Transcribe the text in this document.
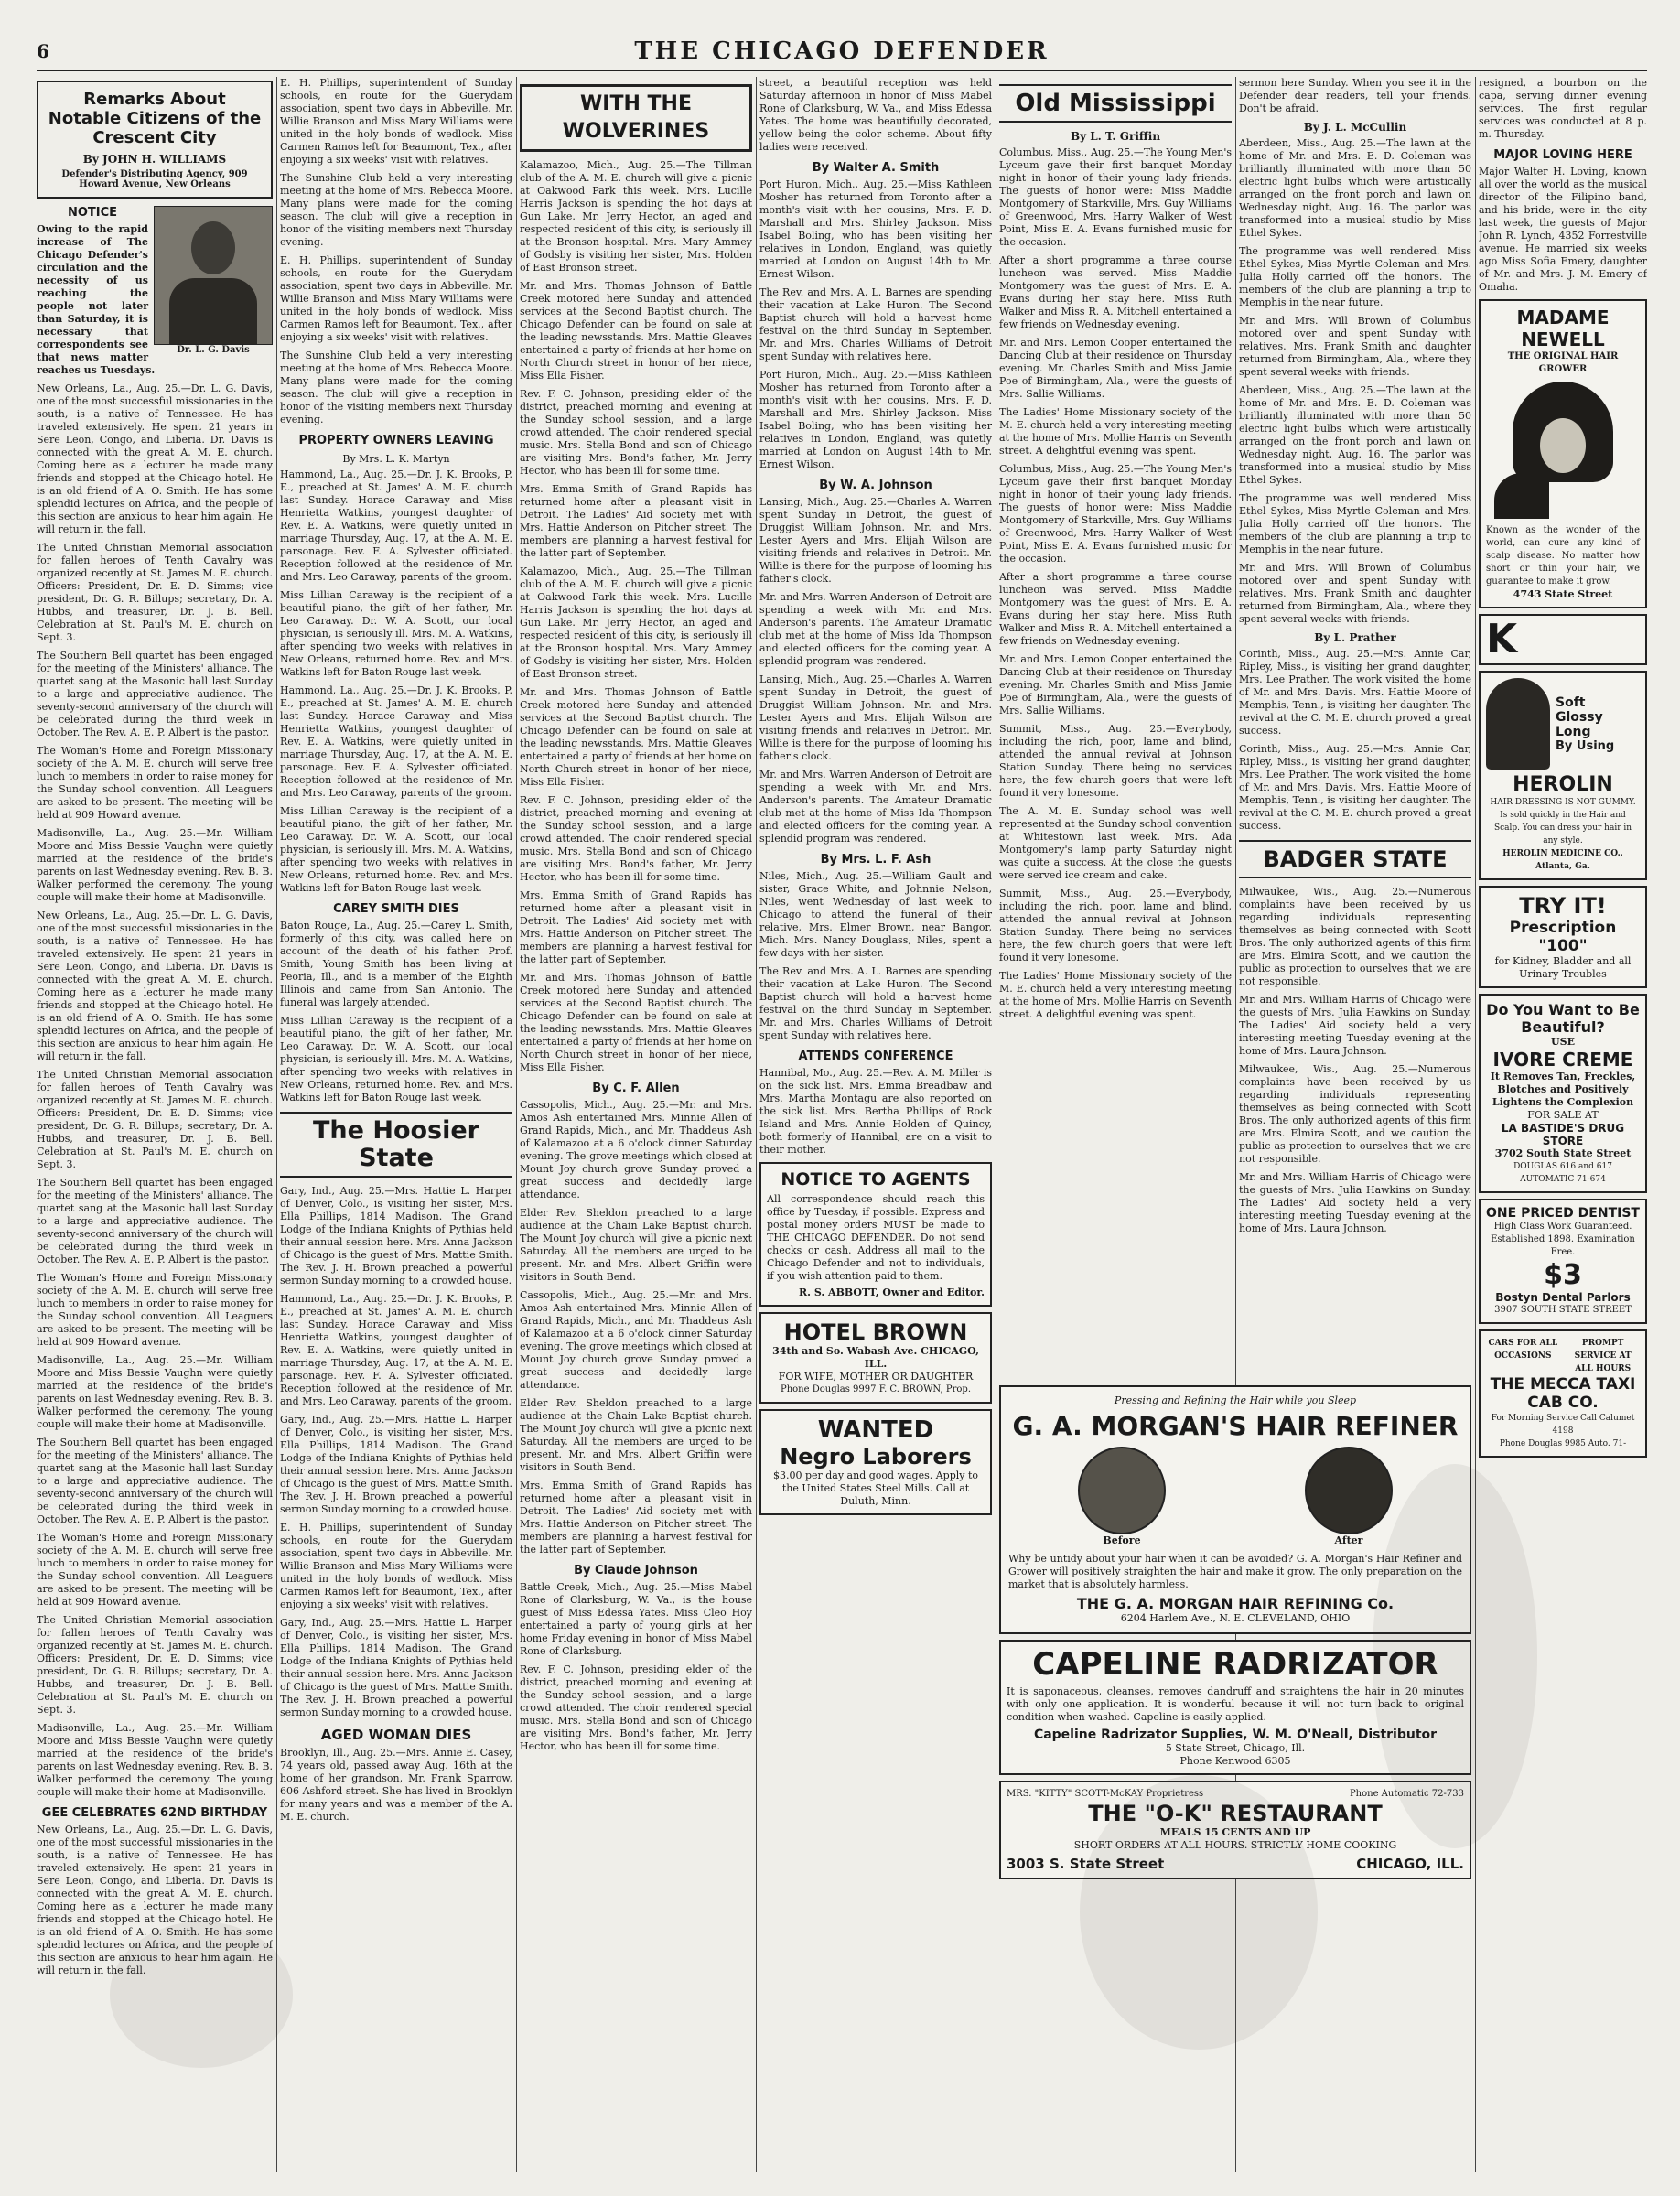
6	THE CHICAGO DEFENDER
Remarks About Notable Citizens of the Crescent City
By JOHN H. WILLIAMS
Defender's Distributing Agency, 909 Howard Avenue, New Orleans
Dr. L. G. Davis
NOTICE

Owing to the rapid increase of The Chicago Defender's circulation and the necessity of us reaching the people not later than Saturday, it is necessary that correspondents see that news matter reaches us Tuesdays.

New Orleans, La., Aug. 25.—Dr. L. G. Davis, one of the most successful missionaries in the south, is a native of Tennessee. He has traveled extensively. He spent 21 years in Sere Leon, Congo, and Liberia. Dr. Davis is connected with the great A. M. E. church. Coming here as a lecturer he made many friends and stopped at the Chicago hotel. He is an old friend of A. O. Smith. He has some splendid lectures on Africa, and the people of this section are anxious to hear him again. He will return in the fall.

The United Christian Memorial association for fallen heroes of Tenth Cavalry was organized recently at St. James M. E. church. Officers: President, Dr. E. D. Simms; vice president, Dr. G. R. Billups; secretary, Dr. A. Hubbs, and treasurer, Dr. J. B. Bell. Celebration at St. Paul's M. E. church on Sept. 3.

The Southern Bell quartet has been engaged for the meeting of the Ministers' alliance. The quartet sang at the Masonic hall last Sunday to a large and appreciative audience. The seventy-second anniversary of the church will be celebrated during the third week in October. The Rev. A. E. P. Albert is the pastor.

The Woman's Home and Foreign Missionary society of the A. M. E. church will serve free lunch to members in order to raise money for the Sunday school convention. All Leaguers are asked to be present. The meeting will be held at 909 Howard avenue.

Madisonville, La., Aug. 25.—Mr. William Moore and Miss Bessie Vaughn were quietly married at the residence of the bride's parents on last Wednesday evening. Rev. B. B. Walker performed the ceremony. The young couple will make their home at Madisonville.

New Orleans, La., Aug. 25.—Dr. L. G. Davis, one of the most successful missionaries in the south, is a native of Tennessee. He has traveled extensively. He spent 21 years in Sere Leon, Congo, and Liberia. Dr. Davis is connected with the great A. M. E. church. Coming here as a lecturer he made many friends and stopped at the Chicago hotel. He is an old friend of A. O. Smith. He has some splendid lectures on Africa, and the people of this section are anxious to hear him again. He will return in the fall.

The United Christian Memorial association for fallen heroes of Tenth Cavalry was organized recently at St. James M. E. church. Officers: President, Dr. E. D. Simms; vice president, Dr. G. R. Billups; secretary, Dr. A. Hubbs, and treasurer, Dr. J. B. Bell. Celebration at St. Paul's M. E. church on Sept. 3.

The Southern Bell quartet has been engaged for the meeting of the Ministers' alliance. The quartet sang at the Masonic hall last Sunday to a large and appreciative audience. The seventy-second anniversary of the church will be celebrated during the third week in October. The Rev. A. E. P. Albert is the pastor.

The Woman's Home and Foreign Missionary society of the A. M. E. church will serve free lunch to members in order to raise money for the Sunday school convention. All Leaguers are asked to be present. The meeting will be held at 909 Howard avenue.

Madisonville, La., Aug. 25.—Mr. William Moore and Miss Bessie Vaughn were quietly married at the residence of the bride's parents on last Wednesday evening. Rev. B. B. Walker performed the ceremony. The young couple will make their home at Madisonville.

The Southern Bell quartet has been engaged for the meeting of the Ministers' alliance. The quartet sang at the Masonic hall last Sunday to a large and appreciative audience. The seventy-second anniversary of the church will be celebrated during the third week in October. The Rev. A. E. P. Albert is the pastor.

The Woman's Home and Foreign Missionary society of the A. M. E. church will serve free lunch to members in order to raise money for the Sunday school convention. All Leaguers are asked to be present. The meeting will be held at 909 Howard avenue.

The United Christian Memorial association for fallen heroes of Tenth Cavalry was organized recently at St. James M. E. church. Officers: President, Dr. E. D. Simms; vice president, Dr. G. R. Billups; secretary, Dr. A. Hubbs, and treasurer, Dr. J. B. Bell. Celebration at St. Paul's M. E. church on Sept. 3.

Madisonville, La., Aug. 25.—Mr. William Moore and Miss Bessie Vaughn were quietly married at the residence of the bride's parents on last Wednesday evening. Rev. B. B. Walker performed the ceremony. The young couple will make their home at Madisonville.

GEE CELEBRATES 62ND BIRTHDAY

New Orleans, La., Aug. 25.—Dr. L. G. Davis, one of the most successful missionaries in the south, is a native of Tennessee. He has traveled extensively. He spent 21 years in Sere Leon, Congo, and Liberia. Dr. Davis is connected with the great A. M. E. church. Coming here as a lecturer he made many friends and stopped at the Chicago hotel. He is an old friend of A. O. Smith. He has some splendid lectures on Africa, and the people of this section are anxious to hear him again. He will return in the fall.

E. H. Phillips, superintendent of Sunday schools, en route for the Guerydam association, spent two days in Abbeville. Mr. Willie Branson and Miss Mary Williams were united in the holy bonds of wedlock. Miss Carmen Ramos left for Beaumont, Tex., after enjoying a six weeks' visit with relatives.

The Sunshine Club held a very interesting meeting at the home of Mrs. Rebecca Moore. Many plans were made for the coming season. The club will give a reception in honor of the visiting members next Thursday evening.

E. H. Phillips, superintendent of Sunday schools, en route for the Guerydam association, spent two days in Abbeville. Mr. Willie Branson and Miss Mary Williams were united in the holy bonds of wedlock. Miss Carmen Ramos left for Beaumont, Tex., after enjoying a six weeks' visit with relatives.

The Sunshine Club held a very interesting meeting at the home of Mrs. Rebecca Moore. Many plans were made for the coming season. The club will give a reception in honor of the visiting members next Thursday evening.

PROPERTY OWNERS LEAVING
By Mrs. L. K. Martyn

Hammond, La., Aug. 25.—Dr. J. K. Brooks, P. E., preached at St. James' A. M. E. church last Sunday. Horace Caraway and Miss Henrietta Watkins, youngest daughter of Rev. E. A. Watkins, were quietly united in marriage Thursday, Aug. 17, at the A. M. E. parsonage. Rev. F. A. Sylvester officiated. Reception followed at the residence of Mr. and Mrs. Leo Caraway, parents of the groom.

Miss Lillian Caraway is the recipient of a beautiful piano, the gift of her father, Mr. Leo Caraway. Dr. W. A. Scott, our local physician, is seriously ill. Mrs. M. A. Watkins, after spending two weeks with relatives in New Orleans, returned home. Rev. and Mrs. Watkins left for Baton Rouge last week.

Hammond, La., Aug. 25.—Dr. J. K. Brooks, P. E., preached at St. James' A. M. E. church last Sunday. Horace Caraway and Miss Henrietta Watkins, youngest daughter of Rev. E. A. Watkins, were quietly united in marriage Thursday, Aug. 17, at the A. M. E. parsonage. Rev. F. A. Sylvester officiated. Reception followed at the residence of Mr. and Mrs. Leo Caraway, parents of the groom.

Miss Lillian Caraway is the recipient of a beautiful piano, the gift of her father, Mr. Leo Caraway. Dr. W. A. Scott, our local physician, is seriously ill. Mrs. M. A. Watkins, after spending two weeks with relatives in New Orleans, returned home. Rev. and Mrs. Watkins left for Baton Rouge last week.

CAREY SMITH DIES

Baton Rouge, La., Aug. 25.—Carey L. Smith, formerly of this city, was called here on account of the death of his father. Prof. Smith, Young Smith has been living at Peoria, Ill., and is a member of the Eighth Illinois and came from San Antonio. The funeral was largely attended.

Miss Lillian Caraway is the recipient of a beautiful piano, the gift of her father, Mr. Leo Caraway. Dr. W. A. Scott, our local physician, is seriously ill. Mrs. M. A. Watkins, after spending two weeks with relatives in New Orleans, returned home. Rev. and Mrs. Watkins left for Baton Rouge last week.

The Hoosier State

Gary, Ind., Aug. 25.—Mrs. Hattie L. Harper of Denver, Colo., is visiting her sister, Mrs. Ella Phillips, 1814 Madison. The Grand Lodge of the Indiana Knights of Pythias held their annual session here. Mrs. Anna Jackson of Chicago is the guest of Mrs. Mattie Smith. The Rev. J. H. Brown preached a powerful sermon Sunday morning to a crowded house.

Hammond, La., Aug. 25.—Dr. J. K. Brooks, P. E., preached at St. James' A. M. E. church last Sunday. Horace Caraway and Miss Henrietta Watkins, youngest daughter of Rev. E. A. Watkins, were quietly united in marriage Thursday, Aug. 17, at the A. M. E. parsonage. Rev. F. A. Sylvester officiated. Reception followed at the residence of Mr. and Mrs. Leo Caraway, parents of the groom.

Gary, Ind., Aug. 25.—Mrs. Hattie L. Harper of Denver, Colo., is visiting her sister, Mrs. Ella Phillips, 1814 Madison. The Grand Lodge of the Indiana Knights of Pythias held their annual session here. Mrs. Anna Jackson of Chicago is the guest of Mrs. Mattie Smith. The Rev. J. H. Brown preached a powerful sermon Sunday morning to a crowded house.

E. H. Phillips, superintendent of Sunday schools, en route for the Guerydam association, spent two days in Abbeville. Mr. Willie Branson and Miss Mary Williams were united in the holy bonds of wedlock. Miss Carmen Ramos left for Beaumont, Tex., after enjoying a six weeks' visit with relatives.

Gary, Ind., Aug. 25.—Mrs. Hattie L. Harper of Denver, Colo., is visiting her sister, Mrs. Ella Phillips, 1814 Madison. The Grand Lodge of the Indiana Knights of Pythias held their annual session here. Mrs. Anna Jackson of Chicago is the guest of Mrs. Mattie Smith. The Rev. J. H. Brown preached a powerful sermon Sunday morning to a crowded house.

AGED WOMAN DIES

Brooklyn, Ill., Aug. 25.—Mrs. Annie E. Casey, 74 years old, passed away Aug. 16th at the home of her grandson, Mr. Frank Sparrow, 606 Ashford street. She has lived in Brooklyn for many years and was a member of the A. M. E. church.

WITH THE WOLVERINES

Kalamazoo, Mich., Aug. 25.—The Tillman club of the A. M. E. church will give a picnic at Oakwood Park this week. Mrs. Lucille Harris Jackson is spending the hot days at Gun Lake. Mr. Jerry Hector, an aged and respected resident of this city, is seriously ill at the Bronson hospital. Mrs. Mary Ammey of Godsby is visiting her sister, Mrs. Holden of East Bronson street.

Mr. and Mrs. Thomas Johnson of Battle Creek motored here Sunday and attended services at the Second Baptist church. The Chicago Defender can be found on sale at the leading newsstands. Mrs. Mattie Gleaves entertained a party of friends at her home on North Church street in honor of her niece, Miss Ella Fisher.

Rev. F. C. Johnson, presiding elder of the district, preached morning and evening at the Sunday school session, and a large crowd attended. The choir rendered special music. Mrs. Stella Bond and son of Chicago are visiting Mrs. Bond's father, Mr. Jerry Hector, who has been ill for some time.

Mrs. Emma Smith of Grand Rapids has returned home after a pleasant visit in Detroit. The Ladies' Aid society met with Mrs. Hattie Anderson on Pitcher street. The members are planning a harvest festival for the latter part of September.

Kalamazoo, Mich., Aug. 25.—The Tillman club of the A. M. E. church will give a picnic at Oakwood Park this week. Mrs. Lucille Harris Jackson is spending the hot days at Gun Lake. Mr. Jerry Hector, an aged and respected resident of this city, is seriously ill at the Bronson hospital. Mrs. Mary Ammey of Godsby is visiting her sister, Mrs. Holden of East Bronson street.

Mr. and Mrs. Thomas Johnson of Battle Creek motored here Sunday and attended services at the Second Baptist church. The Chicago Defender can be found on sale at the leading newsstands. Mrs. Mattie Gleaves entertained a party of friends at her home on North Church street in honor of her niece, Miss Ella Fisher.

Rev. F. C. Johnson, presiding elder of the district, preached morning and evening at the Sunday school session, and a large crowd attended. The choir rendered special music. Mrs. Stella Bond and son of Chicago are visiting Mrs. Bond's father, Mr. Jerry Hector, who has been ill for some time.

Mrs. Emma Smith of Grand Rapids has returned home after a pleasant visit in Detroit. The Ladies' Aid society met with Mrs. Hattie Anderson on Pitcher street. The members are planning a harvest festival for the latter part of September.

Mr. and Mrs. Thomas Johnson of Battle Creek motored here Sunday and attended services at the Second Baptist church. The Chicago Defender can be found on sale at the leading newsstands. Mrs. Mattie Gleaves entertained a party of friends at her home on North Church street in honor of her niece, Miss Ella Fisher.

By C. F. Allen

Cassopolis, Mich., Aug. 25.—Mr. and Mrs. Amos Ash entertained Mrs. Minnie Allen of Grand Rapids, Mich., and Mr. Thaddeus Ash of Kalamazoo at a 6 o'clock dinner Saturday evening. The grove meetings which closed at Mount Joy church grove Sunday proved a great success and decidedly large attendance.

Elder Rev. Sheldon preached to a large audience at the Chain Lake Baptist church. The Mount Joy church will give a picnic next Saturday. All the members are urged to be present. Mr. and Mrs. Albert Griffin were visitors in South Bend.

Cassopolis, Mich., Aug. 25.—Mr. and Mrs. Amos Ash entertained Mrs. Minnie Allen of Grand Rapids, Mich., and Mr. Thaddeus Ash of Kalamazoo at a 6 o'clock dinner Saturday evening. The grove meetings which closed at Mount Joy church grove Sunday proved a great success and decidedly large attendance.

Elder Rev. Sheldon preached to a large audience at the Chain Lake Baptist church. The Mount Joy church will give a picnic next Saturday. All the members are urged to be present. Mr. and Mrs. Albert Griffin were visitors in South Bend.

Mrs. Emma Smith of Grand Rapids has returned home after a pleasant visit in Detroit. The Ladies' Aid society met with Mrs. Hattie Anderson on Pitcher street. The members are planning a harvest festival for the latter part of September.

By Claude Johnson

Battle Creek, Mich., Aug. 25.—Miss Mabel Rone of Clarksburg, W. Va., is the house guest of Miss Edessa Yates. Miss Cleo Hoy entertained a party of young girls at her home Friday evening in honor of Miss Mabel Rone of Clarksburg.

Rev. F. C. Johnson, presiding elder of the district, preached morning and evening at the Sunday school session, and a large crowd attended. The choir rendered special music. Mrs. Stella Bond and son of Chicago are visiting Mrs. Bond's father, Mr. Jerry Hector, who has been ill for some time.

street, a beautiful reception was held Saturday afternoon in honor of Miss Mabel Rone of Clarksburg, W. Va., and Miss Edessa Yates. The home was beautifully decorated, yellow being the color scheme. About fifty ladies were received.

By Walter A. Smith

Port Huron, Mich., Aug. 25.—Miss Kathleen Mosher has returned from Toronto after a month's visit with her cousins, Mrs. F. D. Marshall and Mrs. Shirley Jackson. Miss Isabel Boling, who has been visiting her relatives in London, England, was quietly married at London on August 14th to Mr. Ernest Wilson.

The Rev. and Mrs. A. L. Barnes are spending their vacation at Lake Huron. The Second Baptist church will hold a harvest home festival on the third Sunday in September. Mr. and Mrs. Charles Williams of Detroit spent Sunday with relatives here.

Port Huron, Mich., Aug. 25.—Miss Kathleen Mosher has returned from Toronto after a month's visit with her cousins, Mrs. F. D. Marshall and Mrs. Shirley Jackson. Miss Isabel Boling, who has been visiting her relatives in London, England, was quietly married at London on August 14th to Mr. Ernest Wilson.

By W. A. Johnson

Lansing, Mich., Aug. 25.—Charles A. Warren spent Sunday in Detroit, the guest of Druggist William Johnson. Mr. and Mrs. Lester Ayers and Mrs. Elijah Wilson are visiting friends and relatives in Detroit. Mr. Willie is there for the purpose of looming his father's clock.

Mr. and Mrs. Warren Anderson of Detroit are spending a week with Mr. and Mrs. Anderson's parents. The Amateur Dramatic club met at the home of Miss Ida Thompson and elected officers for the coming year. A splendid program was rendered.

Lansing, Mich., Aug. 25.—Charles A. Warren spent Sunday in Detroit, the guest of Druggist William Johnson. Mr. and Mrs. Lester Ayers and Mrs. Elijah Wilson are visiting friends and relatives in Detroit. Mr. Willie is there for the purpose of looming his father's clock.

Mr. and Mrs. Warren Anderson of Detroit are spending a week with Mr. and Mrs. Anderson's parents. The Amateur Dramatic club met at the home of Miss Ida Thompson and elected officers for the coming year. A splendid program was rendered.

By Mrs. L. F. Ash

Niles, Mich., Aug. 25.—William Gault and sister, Grace White, and Johnnie Nelson, Niles, went Wednesday of last week to Chicago to attend the funeral of their relative, Mrs. Elmer Brown, near Bangor, Mich. Mrs. Nancy Douglass, Niles, spent a few days with her sister.

The Rev. and Mrs. A. L. Barnes are spending their vacation at Lake Huron. The Second Baptist church will hold a harvest home festival on the third Sunday in September. Mr. and Mrs. Charles Williams of Detroit spent Sunday with relatives here.

ATTENDS CONFERENCE

Hannibal, Mo., Aug. 25.—Rev. A. M. Miller is on the sick list. Mrs. Emma Breadbaw and Mrs. Martha Montagu are also reported on the sick list. Mrs. Bertha Phillips of Rock Island and Mrs. Annie Holden of Quincy, both formerly of Hannibal, are on a visit to their mother.

NOTICE TO AGENTS
All correspondence should reach this office by Tuesday, if possible. Express and postal money orders MUST be made to THE CHICAGO DEFENDER. Do not send checks or cash. Address all mail to the Chicago Defender and not to individuals, if you wish attention paid to them.
R. S. ABBOTT, Owner and Editor.
HOTEL BROWN
34th and So. Wabash Ave. CHICAGO, ILL.
FOR WIFE, MOTHER OR DAUGHTER
Phone Douglas 9997 F. C. BROWN, Prop.
WANTED
Negro Laborers
$3.00 per day and good wages. Apply to the United States Steel Mills. Call at Duluth, Minn.
Old Mississippi
By L. T. Griffin

Columbus, Miss., Aug. 25.—The Young Men's Lyceum gave their first banquet Monday night in honor of their young lady friends. The guests of honor were: Miss Maddie Montgomery of Starkville, Mrs. Guy Williams of Greenwood, Mrs. Harry Walker of West Point, Miss E. A. Evans furnished music for the occasion.

After a short programme a three course luncheon was served. Miss Maddie Montgomery was the guest of Mrs. E. A. Evans during her stay here. Miss Ruth Walker and Miss R. A. Mitchell entertained a few friends on Wednesday evening.

Mr. and Mrs. Lemon Cooper entertained the Dancing Club at their residence on Thursday evening. Mr. Charles Smith and Miss Jamie Poe of Birmingham, Ala., were the guests of Mrs. Sallie Williams.

The Ladies' Home Missionary society of the M. E. church held a very interesting meeting at the home of Mrs. Mollie Harris on Seventh street. A delightful evening was spent.

Columbus, Miss., Aug. 25.—The Young Men's Lyceum gave their first banquet Monday night in honor of their young lady friends. The guests of honor were: Miss Maddie Montgomery of Starkville, Mrs. Guy Williams of Greenwood, Mrs. Harry Walker of West Point, Miss E. A. Evans furnished music for the occasion.

After a short programme a three course luncheon was served. Miss Maddie Montgomery was the guest of Mrs. E. A. Evans during her stay here. Miss Ruth Walker and Miss R. A. Mitchell entertained a few friends on Wednesday evening.

Mr. and Mrs. Lemon Cooper entertained the Dancing Club at their residence on Thursday evening. Mr. Charles Smith and Miss Jamie Poe of Birmingham, Ala., were the guests of Mrs. Sallie Williams.

Summit, Miss., Aug. 25.—Everybody, including the rich, poor, lame and blind, attended the annual revival at Johnson Station Sunday. There being no services here, the few church goers that were left found it very lonesome.

The A. M. E. Sunday school was well represented at the Sunday school convention at Whitestown last week. Mrs. Ada Montgomery's lamp party Saturday night was quite a success. At the close the guests were served ice cream and cake.

Summit, Miss., Aug. 25.—Everybody, including the rich, poor, lame and blind, attended the annual revival at Johnson Station Sunday. There being no services here, the few church goers that were left found it very lonesome.

The Ladies' Home Missionary society of the M. E. church held a very interesting meeting at the home of Mrs. Mollie Harris on Seventh street. A delightful evening was spent.

Pressing and Refining the Hair while you Sleep
G. A. MORGAN'S HAIR REFINER
Before	After
Why be untidy about your hair when it can be avoided? G. A. Morgan's Hair Refiner and Grower will positively straighten the hair and make it grow. The only preparation on the market that is absolutely harmless.
THE G. A. MORGAN HAIR REFINING Co.
6204 Harlem Ave., N. E. CLEVELAND, OHIO
CAPELINE RADRIZATOR
It is saponaceous, cleanses, removes dandruff and straightens the hair in 20 minutes with only one application. It is wonderful because it will not turn back to original condition when washed. Capeline is easily applied.
Capeline Radrizator Supplies, W. M. O'Neall, Distributor
5 State Street, Chicago, Ill.
Phone Kenwood 6305
MRS. "KITTY" SCOTT-McKAY Proprietress	Phone Automatic 72-733
THE "O-K" RESTAURANT
MEALS 15 CENTS AND UP
SHORT ORDERS AT ALL HOURS. STRICTLY HOME COOKING
3003 S. State Street	CHICAGO, ILL.

sermon here Sunday. When you see it in the Defender dear readers, tell your friends. Don't be afraid.

By J. L. McCullin

Aberdeen, Miss., Aug. 25.—The lawn at the home of Mr. and Mrs. E. D. Coleman was brilliantly illuminated with more than 50 electric light bulbs which were artistically arranged on the front porch and lawn on Wednesday night, Aug. 16. The parlor was transformed into a musical studio by Miss Ethel Sykes.

The programme was well rendered. Miss Ethel Sykes, Miss Myrtle Coleman and Mrs. Julia Holly carried off the honors. The members of the club are planning a trip to Memphis in the near future.

Mr. and Mrs. Will Brown of Columbus motored over and spent Sunday with relatives. Mrs. Frank Smith and daughter returned from Birmingham, Ala., where they spent several weeks with friends.

Aberdeen, Miss., Aug. 25.—The lawn at the home of Mr. and Mrs. E. D. Coleman was brilliantly illuminated with more than 50 electric light bulbs which were artistically arranged on the front porch and lawn on Wednesday night, Aug. 16. The parlor was transformed into a musical studio by Miss Ethel Sykes.

The programme was well rendered. Miss Ethel Sykes, Miss Myrtle Coleman and Mrs. Julia Holly carried off the honors. The members of the club are planning a trip to Memphis in the near future.

Mr. and Mrs. Will Brown of Columbus motored over and spent Sunday with relatives. Mrs. Frank Smith and daughter returned from Birmingham, Ala., where they spent several weeks with friends.

By L. Prather

Corinth, Miss., Aug. 25.—Mrs. Annie Car, Ripley, Miss., is visiting her grand daughter, Mrs. Lee Prather. The work visited the home of Mr. and Mrs. Davis. Mrs. Hattie Moore of Memphis, Tenn., is visiting her daughter. The revival at the C. M. E. church proved a great success.

Corinth, Miss., Aug. 25.—Mrs. Annie Car, Ripley, Miss., is visiting her grand daughter, Mrs. Lee Prather. The work visited the home of Mr. and Mrs. Davis. Mrs. Hattie Moore of Memphis, Tenn., is visiting her daughter. The revival at the C. M. E. church proved a great success.

BADGER STATE

Milwaukee, Wis., Aug. 25.—Numerous complaints have been received by us regarding individuals representing themselves as being connected with Scott Bros. The only authorized agents of this firm are Mrs. Elmira Scott, and we caution the public as protection to ourselves that we are not responsible.

Mr. and Mrs. William Harris of Chicago were the guests of Mrs. Julia Hawkins on Sunday. The Ladies' Aid society held a very interesting meeting Tuesday evening at the home of Mrs. Laura Johnson.

Milwaukee, Wis., Aug. 25.—Numerous complaints have been received by us regarding individuals representing themselves as being connected with Scott Bros. The only authorized agents of this firm are Mrs. Elmira Scott, and we caution the public as protection to ourselves that we are not responsible.

Mr. and Mrs. William Harris of Chicago were the guests of Mrs. Julia Hawkins on Sunday. The Ladies' Aid society held a very interesting meeting Tuesday evening at the home of Mrs. Laura Johnson.

resigned, a bourbon on the capa, serving dinner evening services. The first regular services was conducted at 8 p. m. Thursday.

MAJOR LOVING HERE

Major Walter H. Loving, known all over the world as the musical director of the Filipino band, and his bride, were in the city last week, the guests of Major John R. Lynch, 4352 Forrestville avenue. He married six weeks ago Miss Sofia Emery, daughter of Mr. and Mrs. J. M. Emery of Omaha.

MADAME NEWELL
THE ORIGINAL HAIR GROWER
Known as the wonder of the world, can cure any kind of scalp disease. No matter how short or thin your hair, we guarantee to make it grow.
4743 State Street
K
Soft
Glossy
Long
By Using
HEROLIN
HAIR DRESSING IS NOT GUMMY. Is sold quickly in the Hair and Scalp. You can dress your hair in any style.
HEROLIN MEDICINE CO., Atlanta, Ga.
TRY IT!
Prescription "100"
for Kidney, Bladder and all Urinary Troubles
Do You Want to Be Beautiful?
USE
IVORE CREME
It Removes Tan, Freckles, Blotches and Positively Lightens the Complexion
FOR SALE AT
LA BASTIDE'S DRUG STORE
3702 South State Street
DOUGLAS 616 and 617 AUTOMATIC 71-674
ONE PRICED DENTIST
High Class Work Guaranteed. Established 1898. Examination Free.
$3
Bostyn Dental Parlors
3907 SOUTH STATE STREET
CARS FOR ALL OCCASIONS
PROMPT SERVICE AT ALL HOURS
THE MECCA TAXI CAB CO.
For Morning Service Call Calumet 4198
Phone Douglas 9985 Auto. 71-
